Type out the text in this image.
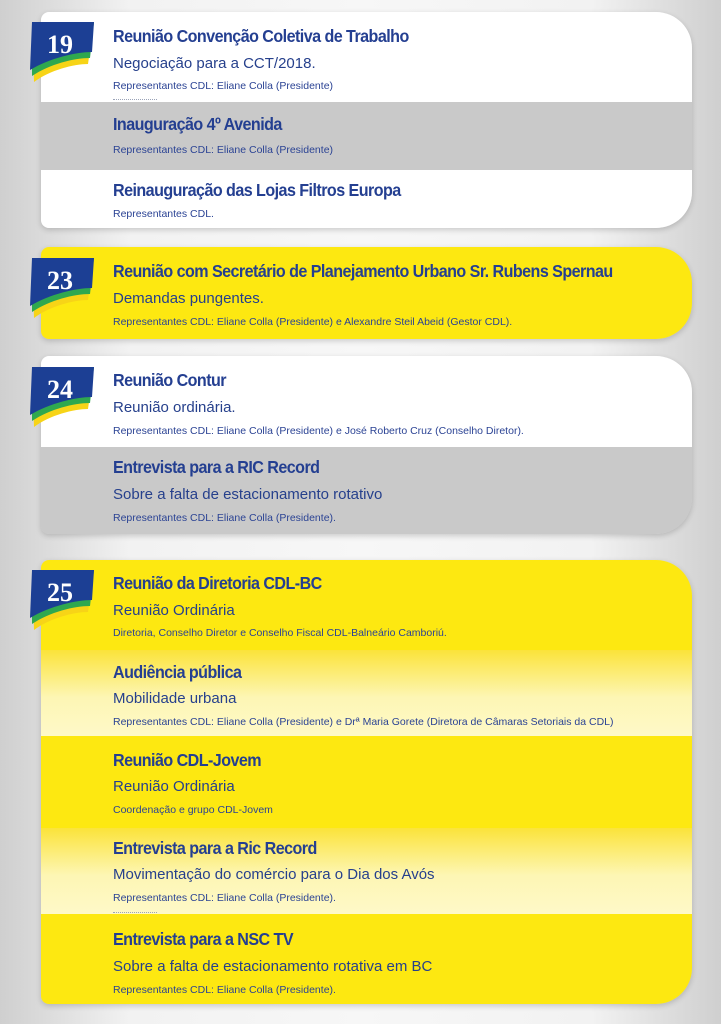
Reunião Convenção Coletiva de Trabalho

Negociação para a CCT/2018.

Representantes CDL: Eliane Colla (Presidente)

Inauguração 4º Avenida

Representantes CDL: Eliane Colla (Presidente)

Reinauguração das Lojas Filtros Europa

Representantes CDL.

Reunião com Secretário de Planejamento Urbano Sr. Rubens Spernau

Demandas pungentes.

Representantes CDL: Eliane Colla (Presidente) e Alexandre Steil Abeid (Gestor CDL).

Reunião Contur

Reunião ordinária.

Representantes CDL: Eliane Colla (Presidente) e José Roberto Cruz (Conselho Diretor).

Entrevista para a RIC Record

Sobre a falta de estacionamento rotativo

Representantes CDL: Eliane Colla (Presidente).

Reunião da Diretoria CDL-BC

Reunião Ordinária

Diretoria, Conselho Diretor e Conselho Fiscal CDL-Balneário Camboriú.

Audiência pública

Mobilidade urbana

Representantes CDL: Eliane Colla (Presidente) e Drª Maria Gorete (Diretora de Câmaras Setoriais da CDL)

Reunião CDL-Jovem

Reunião Ordinária

Coordenação e grupo CDL-Jovem

Entrevista para a Ric Record

Movimentação do comércio para o Dia dos Avós

Representantes CDL: Eliane Colla (Presidente).

Entrevista para a NSC TV

Sobre a falta de estacionamento rotativa em BC

Representantes CDL: Eliane Colla (Presidente).

19
23
24
25
